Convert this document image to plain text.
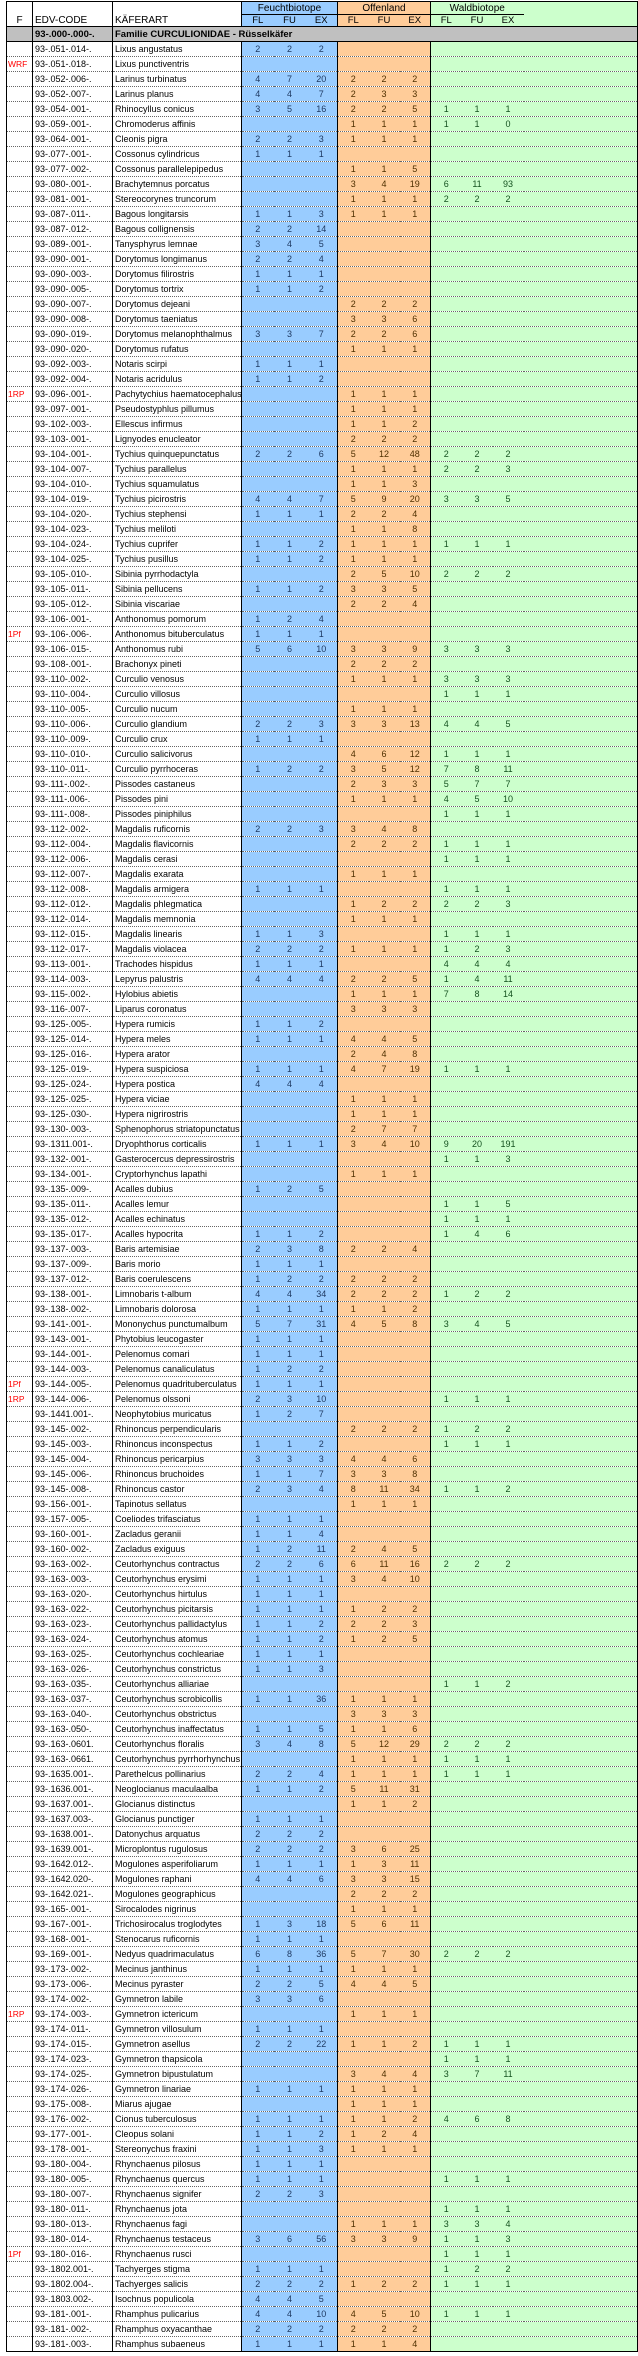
F	EDV-CODE	KÄFERART	Feuchtbiotope			Offenland			Waldbiotope			
			FL	FU	EX	FL	FU	EX	FL	FU	EX	
	93-.000-.000-.	Familie CURCULIONIDAE - Rüsselkäfer										
	93-.051-.014-.	Lixus angustatus	2	2	2							
WRF	93-.051-.018-.	Lixus punctiventris										
	93-.052-.006-.	Larinus turbinatus	4	7	20	2	2	2				
	93-.052-.007-.	Larinus planus	4	4	7	2	3	3				
	93-.054-.001-.	Rhinocyllus conicus	3	5	16	2	2	5	1	1	1	
	93-.059-.001-.	Chromoderus affinis				1	1	1	1	1	0	
	93-.064-.001-.	Cleonis pigra	2	2	3	1	1	1				
	93-.077-.001-.	Cossonus cylindricus	1	1	1							
	93-.077-.002-.	Cossonus parallelepipedus				1	1	5				
	93-.080-.001-.	Brachytemnus porcatus				3	4	19	6	11	93	
	93-.081-.001-.	Stereocorynes truncorum				1	1	1	2	2	2	
	93-.087-.011-.	Bagous longitarsis	1	1	3	1	1	1				
	93-.087-.012-.	Bagous collignensis	2	2	14							
	93-.089-.001-.	Tanysphyrus lemnae	3	4	5							
	93-.090-.001-.	Dorytomus longimanus	2	2	4							
	93-.090-.003-.	Dorytomus filirostris	1	1	1							
	93-.090-.005-.	Dorytomus tortrix	1	1	2							
	93-.090-.007-.	Dorytomus dejeani				2	2	2				
	93-.090-.008-.	Dorytomus taeniatus				3	3	6				
	93-.090-.019-.	Dorytomus melanophthalmus	3	3	7	2	2	6				
	93-.090-.020-.	Dorytomus rufatus				1	1	1				
	93-.092-.003-.	Notaris scirpi	1	1	1							
	93-.092-.004-.	Notaris acridulus	1	1	2							
1RP	93-.096-.001-.	Pachytychius haematocephalus				1	1	1				
	93-.097-.001-.	Pseudostyphlus pillumus				1	1	1				
	93-.102-.003-.	Ellescus infirmus				1	1	2				
	93-.103-.001-.	Lignyodes enucleator				2	2	2				
	93-.104-.001-.	Tychius quinquepunctatus	2	2	6	5	12	48	2	2	2	
	93-.104-.007-.	Tychius parallelus				1	1	1	2	2	3	
	93-.104-.010-.	Tychius squamulatus				1	1	3				
	93-.104-.019-.	Tychius picirostris	4	4	7	5	9	20	3	3	5	
	93-.104-.020-.	Tychius stephensi	1	1	1	2	2	4				
	93-.104-.023-.	Tychius meliloti				1	1	8				
	93-.104-.024-.	Tychius cuprifer	1	1	2	1	1	1	1	1	1	
	93-.104-.025-.	Tychius pusillus	1	1	2	1	1	1				
	93-.105-.010-.	Sibinia pyrrhodactyla				2	5	10	2	2	2	
	93-.105-.011-.	Sibinia pellucens	1	1	2	3	3	5				
	93-.105-.012-.	Sibinia viscariae				2	2	4				
	93-.106-.001-.	Anthonomus pomorum	1	2	4							
1Pf	93-.106-.006-.	Anthonomus bituberculatus	1	1	1							
	93-.106-.015-.	Anthonomus rubi	5	6	10	3	3	9	3	3	3	
	93-.108-.001-.	Brachonyx pineti				2	2	2				
	93-.110-.002-.	Curculio venosus				1	1	1	3	3	3	
	93-.110-.004-.	Curculio villosus							1	1	1	
	93-.110-.005-.	Curculio nucum				1	1	1				
	93-.110-.006-.	Curculio glandium	2	2	3	3	3	13	4	4	5	
	93-.110-.009-.	Curculio crux	1	1	1							
	93-.110-.010-.	Curculio salicivorus				4	6	12	1	1	1	
	93-.110-.011-.	Curculio pyrrhoceras	1	2	2	3	5	12	7	8	11	
	93-.111-.002-.	Pissodes castaneus				2	3	3	5	7	7	
	93-.111-.006-.	Pissodes pini				1	1	1	4	5	10	
	93-.111-.008-.	Pissodes piniphilus							1	1	1	
	93-.112-.002-.	Magdalis ruficornis	2	2	3	3	4	8				
	93-.112-.004-.	Magdalis flavicornis				2	2	2	1	1	1	
	93-.112-.006-.	Magdalis cerasi							1	1	1	
	93-.112-.007-.	Magdalis exarata				1	1	1				
	93-.112-.008-.	Magdalis armigera	1	1	1				1	1	1	
	93-.112-.012-.	Magdalis phlegmatica				1	2	2	2	2	3	
	93-.112-.014-.	Magdalis memnonia				1	1	1				
	93-.112-.015-.	Magdalis linearis	1	1	3				1	1	1	
	93-.112-.017-.	Magdalis violacea	2	2	2	1	1	1	1	2	3	
	93-.113-.001-.	Trachodes hispidus	1	1	1				4	4	4	
	93-.114-.003-.	Lepyrus palustris	4	4	4	2	2	5	1	4	11	
	93-.115-.002-.	Hylobius abietis				1	1	1	7	8	14	
	93-.116-.007-.	Liparus coronatus				3	3	3				
	93-.125-.005-.	Hypera rumicis	1	1	2							
	93-.125-.014-.	Hypera meles	1	1	1	4	4	5				
	93-.125-.016-.	Hypera arator				2	4	8				
	93-.125-.019-.	Hypera suspiciosa	1	1	1	4	7	19	1	1	1	
	93-.125-.024-.	Hypera postica	4	4	4							
	93-.125-.025-.	Hypera viciae				1	1	1				
	93-.125-.030-.	Hypera nigrirostris				1	1	1				
	93-.130-.003-.	Sphenophorus striatopunctatus				2	7	7				
	93-.1311.001-.	Dryophthorus corticalis	1	1	1	3	4	10	9	20	191	
	93-.132-.001-.	Gasterocercus depressirostris							1	1	3	
	93-.134-.001-.	Cryptorhynchus lapathi				1	1	1				
	93-.135-.009-.	Acalles dubius	1	2	5							
	93-.135-.011-.	Acalles lemur							1	1	5	
	93-.135-.012-.	Acalles echinatus							1	1	1	
	93-.135-.017-.	Acalles hypocrita	1	1	2				1	4	6	
	93-.137-.003-.	Baris artemisiae	2	3	8	2	2	4				
	93-.137-.009-.	Baris morio	1	1	1							
	93-.137-.012-.	Baris coerulescens	1	2	2	2	2	2				
	93-.138-.001-.	Limnobaris t-album	4	4	34	2	2	2	1	2	2	
	93-.138-.002-.	Limnobaris dolorosa	1	1	1	1	1	2				
	93-.141-.001-.	Mononychus punctumalbum	5	7	31	4	5	8	3	4	5	
	93-.143-.001-.	Phytobius leucogaster	1	1	1							
	93-.144-.001-.	Pelenomus comari	1	1	1							
	93-.144-.003-.	Pelenomus canaliculatus	1	2	2							
1Pf	93-.144-.005-.	Pelenomus quadrituberculatus	1	1	1							
1RP	93-.144-.006-.	Pelenomus olssoni	2	3	10				1	1	1	
	93-.1441.001-.	Neophytobius muricatus	1	2	7							
	93-.145-.002-.	Rhinoncus perpendicularis				2	2	2	1	2	2	
	93-.145-.003-.	Rhinoncus inconspectus	1	1	2				1	1	1	
	93-.145-.004-.	Rhinoncus pericarpius	3	3	3	4	4	6				
	93-.145-.006-.	Rhinoncus bruchoides	1	1	7	3	3	8				
	93-.145-.008-.	Rhinoncus castor	2	3	4	8	11	34	1	1	2	
	93-.156-.001-.	Tapinotus sellatus				1	1	1				
	93-.157-.005-.	Coeliodes trifasciatus	1	1	1							
	93-.160-.001-.	Zacladus geranii	1	1	4							
	93-.160-.002-.	Zacladus exiguus	1	2	11	2	4	5				
	93-.163-.002-.	Ceutorhynchus contractus	2	2	6	6	11	16	2	2	2	
	93-.163-.003-.	Ceutorhynchus erysimi	1	1	1	3	4	10				
	93-.163-.020-.	Ceutorhynchus hirtulus	1	1	1							
	93-.163-.022-.	Ceutorhynchus picitarsis	1	1	1	1	2	2				
	93-.163-.023-.	Ceutorhynchus pallidactylus	1	1	2	2	2	3				
	93-.163-.024-.	Ceutorhynchus atomus	1	1	2	1	2	5				
	93-.163-.025-.	Ceutorhynchus cochleariae	1	1	1							
	93-.163-.026-.	Ceutorhynchus constrictus	1	1	3							
	93-.163-.035-.	Ceutorhynchus alliariae							1	1	2	
	93-.163-.037-.	Ceutorhynchus scrobicollis	1	1	36	1	1	1				
	93-.163-.040-.	Ceutorhynchus obstrictus				3	3	3				
	93-.163-.050-.	Ceutorhynchus inaffectatus	1	1	5	1	1	6				
	93-.163-.0601.	Ceutorhynchus floralis	3	4	8	5	12	29	2	2	2	
	93-.163-.0661.	Ceutorhynchus pyrrhorhynchus				1	1	1	1	1	1	
	93-.1635.001-.	Parethelcus pollinarius	2	2	4	1	1	1	1	1	1	
	93-.1636.001-.	Neoglocianus maculaalba	1	1	2	5	11	31				
	93-.1637.001-.	Glocianus distinctus				1	1	2				
	93-.1637.003-.	Glocianus punctiger	1	1	1							
	93-.1638.001-.	Datonychus arquatus	2	2	2							
	93-.1639.001-.	Microplontus rugulosus	2	2	2	3	6	25				
	93-.1642.012-.	Mogulones asperifoliarum	1	1	1	1	3	11				
	93-.1642.020-.	Mogulones raphani	4	4	6	3	3	15				
	93-.1642.021-.	Mogulones geographicus				2	2	2				
	93-.165-.001-.	Sirocalodes nigrinus				1	1	1				
	93-.167-.001-.	Trichosirocalus troglodytes	1	3	18	5	6	11				
	93-.168-.001-.	Stenocarus ruficornis	1	1	1							
	93-.169-.001-.	Nedyus quadrimaculatus	6	8	36	5	7	30	2	2	2	
	93-.173-.002-.	Mecinus janthinus	1	1	1	1	1	1				
	93-.173-.006-.	Mecinus pyraster	2	2	5	4	4	5				
	93-.174-.002-.	Gymnetron labile	3	3	6							
1RP	93-.174-.003-.	Gymnetron ictericum				1	1	1				
	93-.174-.011-.	Gymnetron villosulum	1	1	1							
	93-.174-.015-.	Gymnetron asellus	2	2	22	1	1	2	1	1	1	
	93-.174-.023-.	Gymnetron thapsicola							1	1	1	
	93-.174-.025-.	Gymnetron bipustulatum				3	4	4	3	7	11	
	93-.174-.026-.	Gymnetron linariae	1	1	1	1	1	1				
	93-.175-.008-.	Miarus ajugae				1	1	1				
	93-.176-.002-.	Cionus tuberculosus	1	1	1	1	1	2	4	6	8	
	93-.177-.001-.	Cleopus solani	1	1	2	1	2	4				
	93-.178-.001-.	Stereonychus fraxini	1	1	3	1	1	1				
	93-.180-.004-.	Rhynchaenus pilosus	1	1	1							
	93-.180-.005-.	Rhynchaenus quercus	1	1	1				1	1	1	
	93-.180-.007-.	Rhynchaenus signifer	2	2	3							
	93-.180-.011-.	Rhynchaenus jota							1	1	1	
	93-.180-.013-.	Rhynchaenus fagi				1	1	1	3	3	4	
	93-.180-.014-.	Rhynchaenus testaceus	3	6	56	3	3	9	1	1	3	
1Pf	93-.180-.016-.	Rhynchaenus rusci							1	1	1	
	93-.1802.001-.	Tachyerges stigma	1	1	1				1	2	2	
	93-.1802.004-.	Tachyerges salicis	2	2	2	1	2	2	1	1	1	
	93-.1803.002-.	Isochnus populicola	4	4	5							
	93-.181-.001-.	Rhamphus pulicarius	4	4	10	4	5	10	1	1	1	
	93-.181-.002-.	Rhamphus oxyacanthae	2	2	2	2	2	2				
	93-.181-.003-.	Rhamphus subaeneus	1	1	1	1	1	4				
